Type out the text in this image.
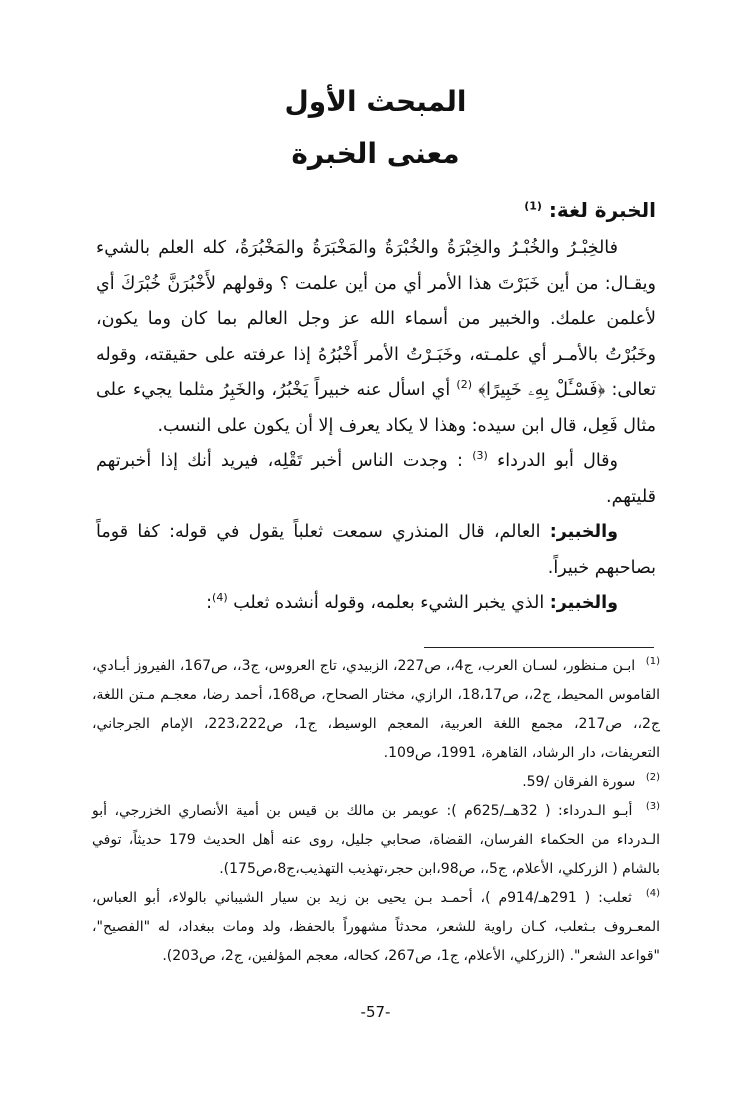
المبحث الأول
معنى الخبرة

الخبرة لغة: $^{(1)}$

فالخِبْـرُ والخُبْـرُ والخِبْرَةُ والخُبْرَةُ والمَخْبَرَةُ والمَخْبُرَةُ، كله العلم بالشيء ويقـال: من أين خَبَرْتَ هذا الأمر أي من أين علمت ؟ وقولهم لأَخْبُرَنَّ خُبْرَكَ أي لأعلمن علمك. والخبير من أسماء الله عز وجل العالم بما كان وما يكون، وخَبُرْتُ بالأمـر أي علمـته، وخَبَـرْتُ الأمر أَخْبُرُهُ إذا عرفته على حقيقته، وقوله تعالى: ﴿فَسْـَٔلْ بِهِۦ خَبِيرًا﴾ $^{(2)}$ أي اسأل عنه خبيراً يَخْبُرُ، والخَبِرُ مثلما يجيء على مثال فَعِل، قال ابن سيده: وهذا لا يكاد يعرف إلا أن يكون على النسب.

وقال أبو الدرداء $^{(3)}$ : وجدت الناس أخبر تَقْلِه، فيريد أنك إذا أخبرتهم قليتهم.

والخبير: العالم، قال المنذري سمعت ثعلباً يقول في قوله: كفا قوماً بصاحبهم خبيراً.

والخبير: الذي يخبر الشيء بعلمه، وقوله أنشده ثعلب $^{(4)}$:

$^{(1)}$ ابـن مـنظور، لسـان العرب، ج4،، ص227، الزبيدي، تاج العروس، ج3،، ص167، الفيروز أبـادي، القاموس المحيط، ج2،، ص18،17، الرازي، مختار الصحاح، ص168، أحمد رضا، معجـم مـتن اللغة، ج2،، ص217، مجمع اللغة العربية، المعجم الوسيط، ج1، ص223،222، الإمام الجرجاني، التعريفات، دار الرشاد، القاهرة، 1991، ص109.

$^{(2)}$ سورة الفرقان /59.

$^{(3)}$ أبـو الـدرداء: ( 32هــ/625م ): عويمر بن مالك بن قيس بن أمية الأنصاري الخزرجي، أبو الـدرداء من الحكماء الفرسان، القضاة، صحابي جليل، روى عنه أهل الحديث 179 حديثاً، توفي بالشام ( الزركلي، الأعلام، ج5،، ص98،ابن حجر،تهذيب التهذيب،ج8،ص175).

$^{(4)}$ ثعلب: ( 291هـ/914م )، أحمـد بـن يحيى بن زيد بن سيار الشيباني بالولاء، أبو العباس، المعـروف بـثعلب، كـان راوية للشعر، محدثاً مشهوراً بالحفظ، ولد ومات ببغداد، له "الفصيح"، "قواعد الشعر". (الزركلي، الأعلام، ج1، ص267، كحاله، معجم المؤلفين، ج2، ص203).

-57-
